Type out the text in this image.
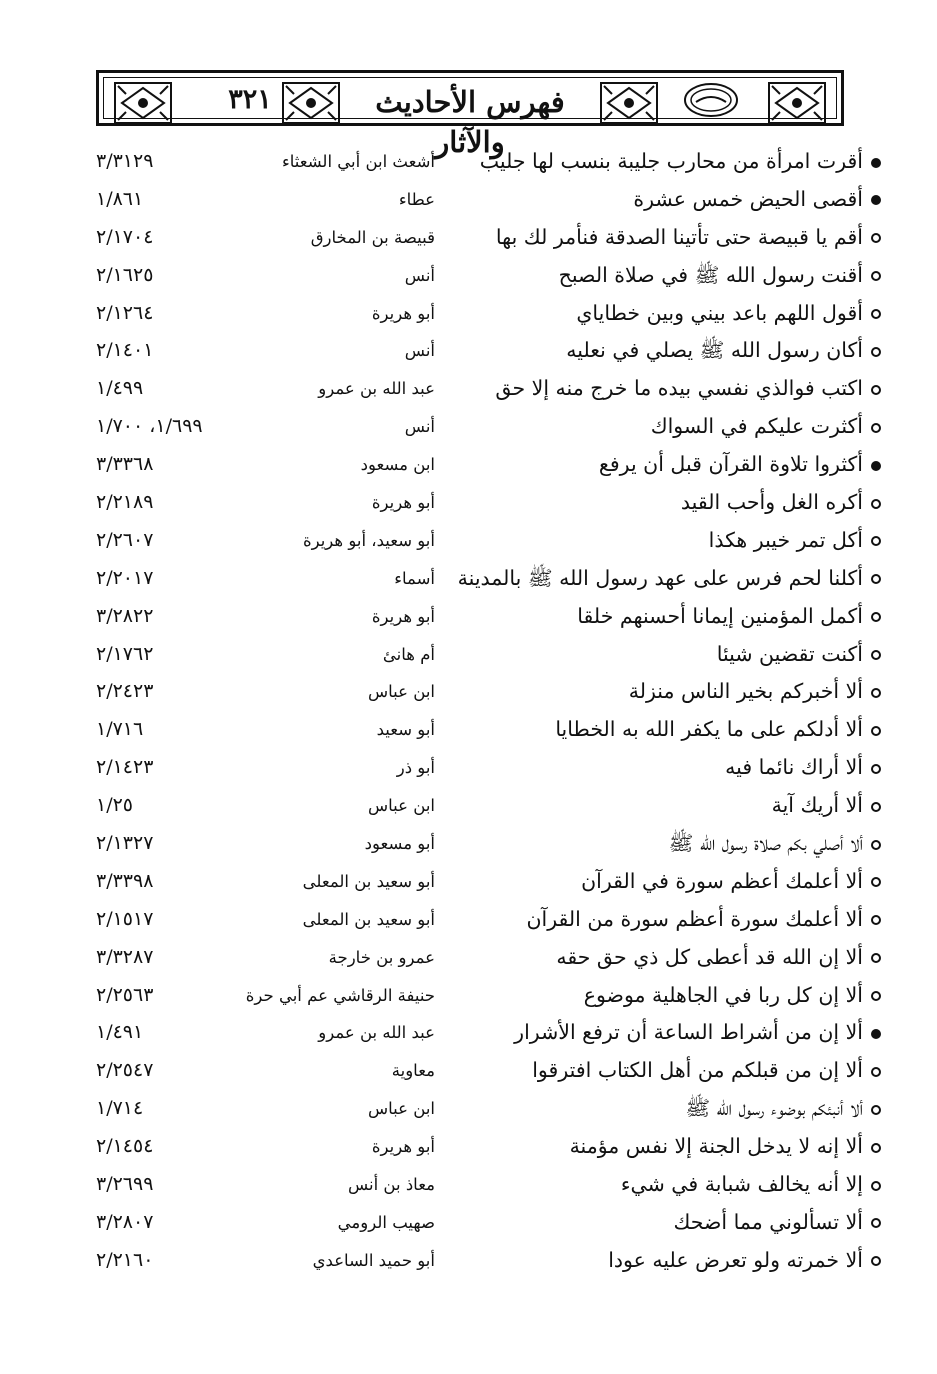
٣٢١	فهرس الأحاديث والآثار
أقرت امرأة من محارب جليبة بنسب لها جليب
أشعث ابن أبي الشعثاء
٣/٣١٢٩
أقصى الحيض خمس عشرة
عطاء
١/٨٦١
أقم يا قبيصة حتى تأتينا الصدقة فنأمر لك بها
قبيصة بن المخارق
٢/١٧٠٤
أقنت رسول الله ﷺ في صلاة الصبح
أنس
٢/١٦٢٥
أقول اللهم باعد بيني وبين خطاياي
أبو هريرة
٢/١٢٦٤
أكان رسول الله ﷺ يصلي في نعليه
أنس
٢/١٤٠١
اكتب فوالذي نفسي بيده ما خرج منه إلا حق
عبد الله بن عمرو
١/٤٩٩
أكثرت عليكم في السواك
أنس
١/٦٩٩، ١/٧٠٠
أكثروا تلاوة القرآن قبل أن يرفع
ابن مسعود
٣/٣٣٦٨
أكره الغل وأحب القيد
أبو هريرة
٢/٢١٨٩
أكل تمر خيبر هكذا
أبو سعيد، أبو هريرة
٢/٢٦٠٧
أكلنا لحم فرس على عهد رسول الله ﷺ بالمدينة
أسماء
٢/٢٠١٧
أكمل المؤمنين إيمانا أحسنهم خلقا
أبو هريرة
٣/٢٨٢٢
أكنت تقضين شيئا
أم هانئ
٢/١٧٦٢
ألا أخبركم بخير الناس منزلة
ابن عباس
٢/٢٤٢٣
ألا أدلكم على ما يكفر الله به الخطايا
أبو سعيد
١/٧١٦
ألا أراك نائما فيه
أبو ذر
٢/١٤٢٣
ألا أريك آية
ابن عباس
١/٢٥
ألا أصلي بكم صلاة رسول الله ﷺ
أبو مسعود
٢/١٣٢٧
ألا أعلمك أعظم سورة في القرآن
أبو سعيد بن المعلى
٣/٣٣٩٨
ألا أعلمك سورة أعظم سورة من القرآن
أبو سعيد بن المعلى
٢/١٥١٧
ألا إن الله قد أعطى كل ذي حق حقه
عمرو بن خارجة
٣/٣٢٨٧
ألا إن كل ربا في الجاهلية موضوع
حنيفة الرقاشي عم أبي حرة
٢/٢٥٦٣
ألا إن من أشراط الساعة أن ترفع الأشرار
عبد الله بن عمرو
١/٤٩١
ألا إن من قبلكم من أهل الكتاب افترقوا
معاوية
٢/٢٥٤٧
ألا أنبئكم بوضوء رسول الله ﷺ
ابن عباس
١/٧١٤
ألا إنه لا يدخل الجنة إلا نفس مؤمنة
أبو هريرة
٢/١٤٥٤
إلا أنه يخالف شبابة في شيء
معاذ بن أنس
٣/٢٦٩٩
ألا تسألوني مما أضحك
صهيب الرومي
٣/٢٨٠٧
ألا خمرته ولو تعرض عليه عودا
أبو حميد الساعدي
٢/٢١٦٠
